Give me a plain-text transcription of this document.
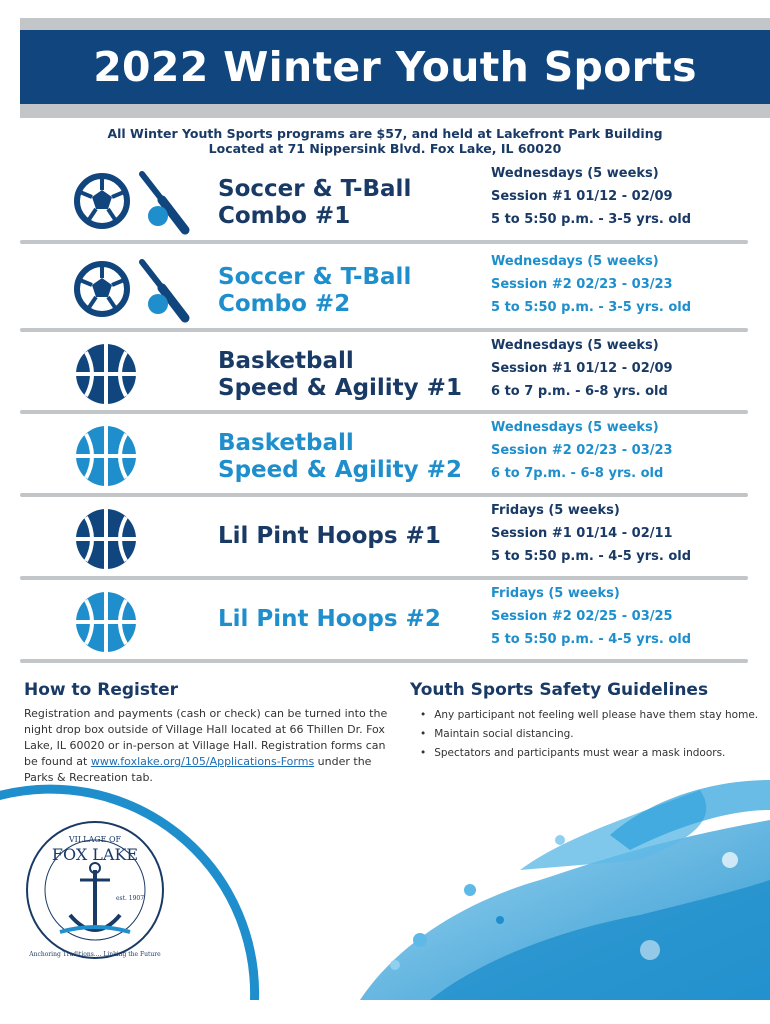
2022 Winter Youth Sports
All Winter Youth Sports programs are $57, and held at Lakefront Park Building
Located at 71 Nippersink Blvd. Fox Lake, IL 60020
Soccer & T-Ball
Combo #1
Wednesdays (5 weeks)
Session #1 01/12 - 02/09
5 to 5:50 p.m. - 3-5 yrs. old
Soccer & T-Ball
Combo #2
Wednesdays (5 weeks)
Session #2 02/23 - 03/23
5 to 5:50 p.m. - 3-5 yrs. old
Basketball
Speed & Agility #1
Wednesdays (5 weeks)
Session #1 01/12 - 02/09
6 to 7 p.m. - 6-8 yrs. old
Basketball
Speed & Agility #2
Wednesdays (5 weeks)
Session #2 02/23 - 03/23
6 to 7p.m. - 6-8 yrs. old
Lil Pint Hoops #1
Fridays (5 weeks)
Session #1 01/14 - 02/11
5 to 5:50 p.m. - 4-5 yrs. old
Lil Pint Hoops #2
Fridays (5 weeks)
Session #2 02/25 - 03/25
5 to 5:50 p.m. - 4-5 yrs. old
How to Register
Registration and payments (cash or check) can be turned into the night drop box outside of Village Hall located at 66 Thillen Dr. Fox Lake, IL 60020 or in-person at Village Hall. Registration forms can be found at www.foxlake.org/105/Applications-Forms under the Parks & Recreation tab.
Youth Sports Safety Guidelines
• Any participant not feeling well please have them stay home.
• Maintain social distancing.
• Spectators and participants must wear a mask indoors.
VILLAGE OF
FOX LAKE
est. 1907
Anchoring Traditions.... Linking the Future
⊕ foxlake.org	✆ 224-225-1404	# FoxLakeil	f	t	◎	in @FoxLakeil
